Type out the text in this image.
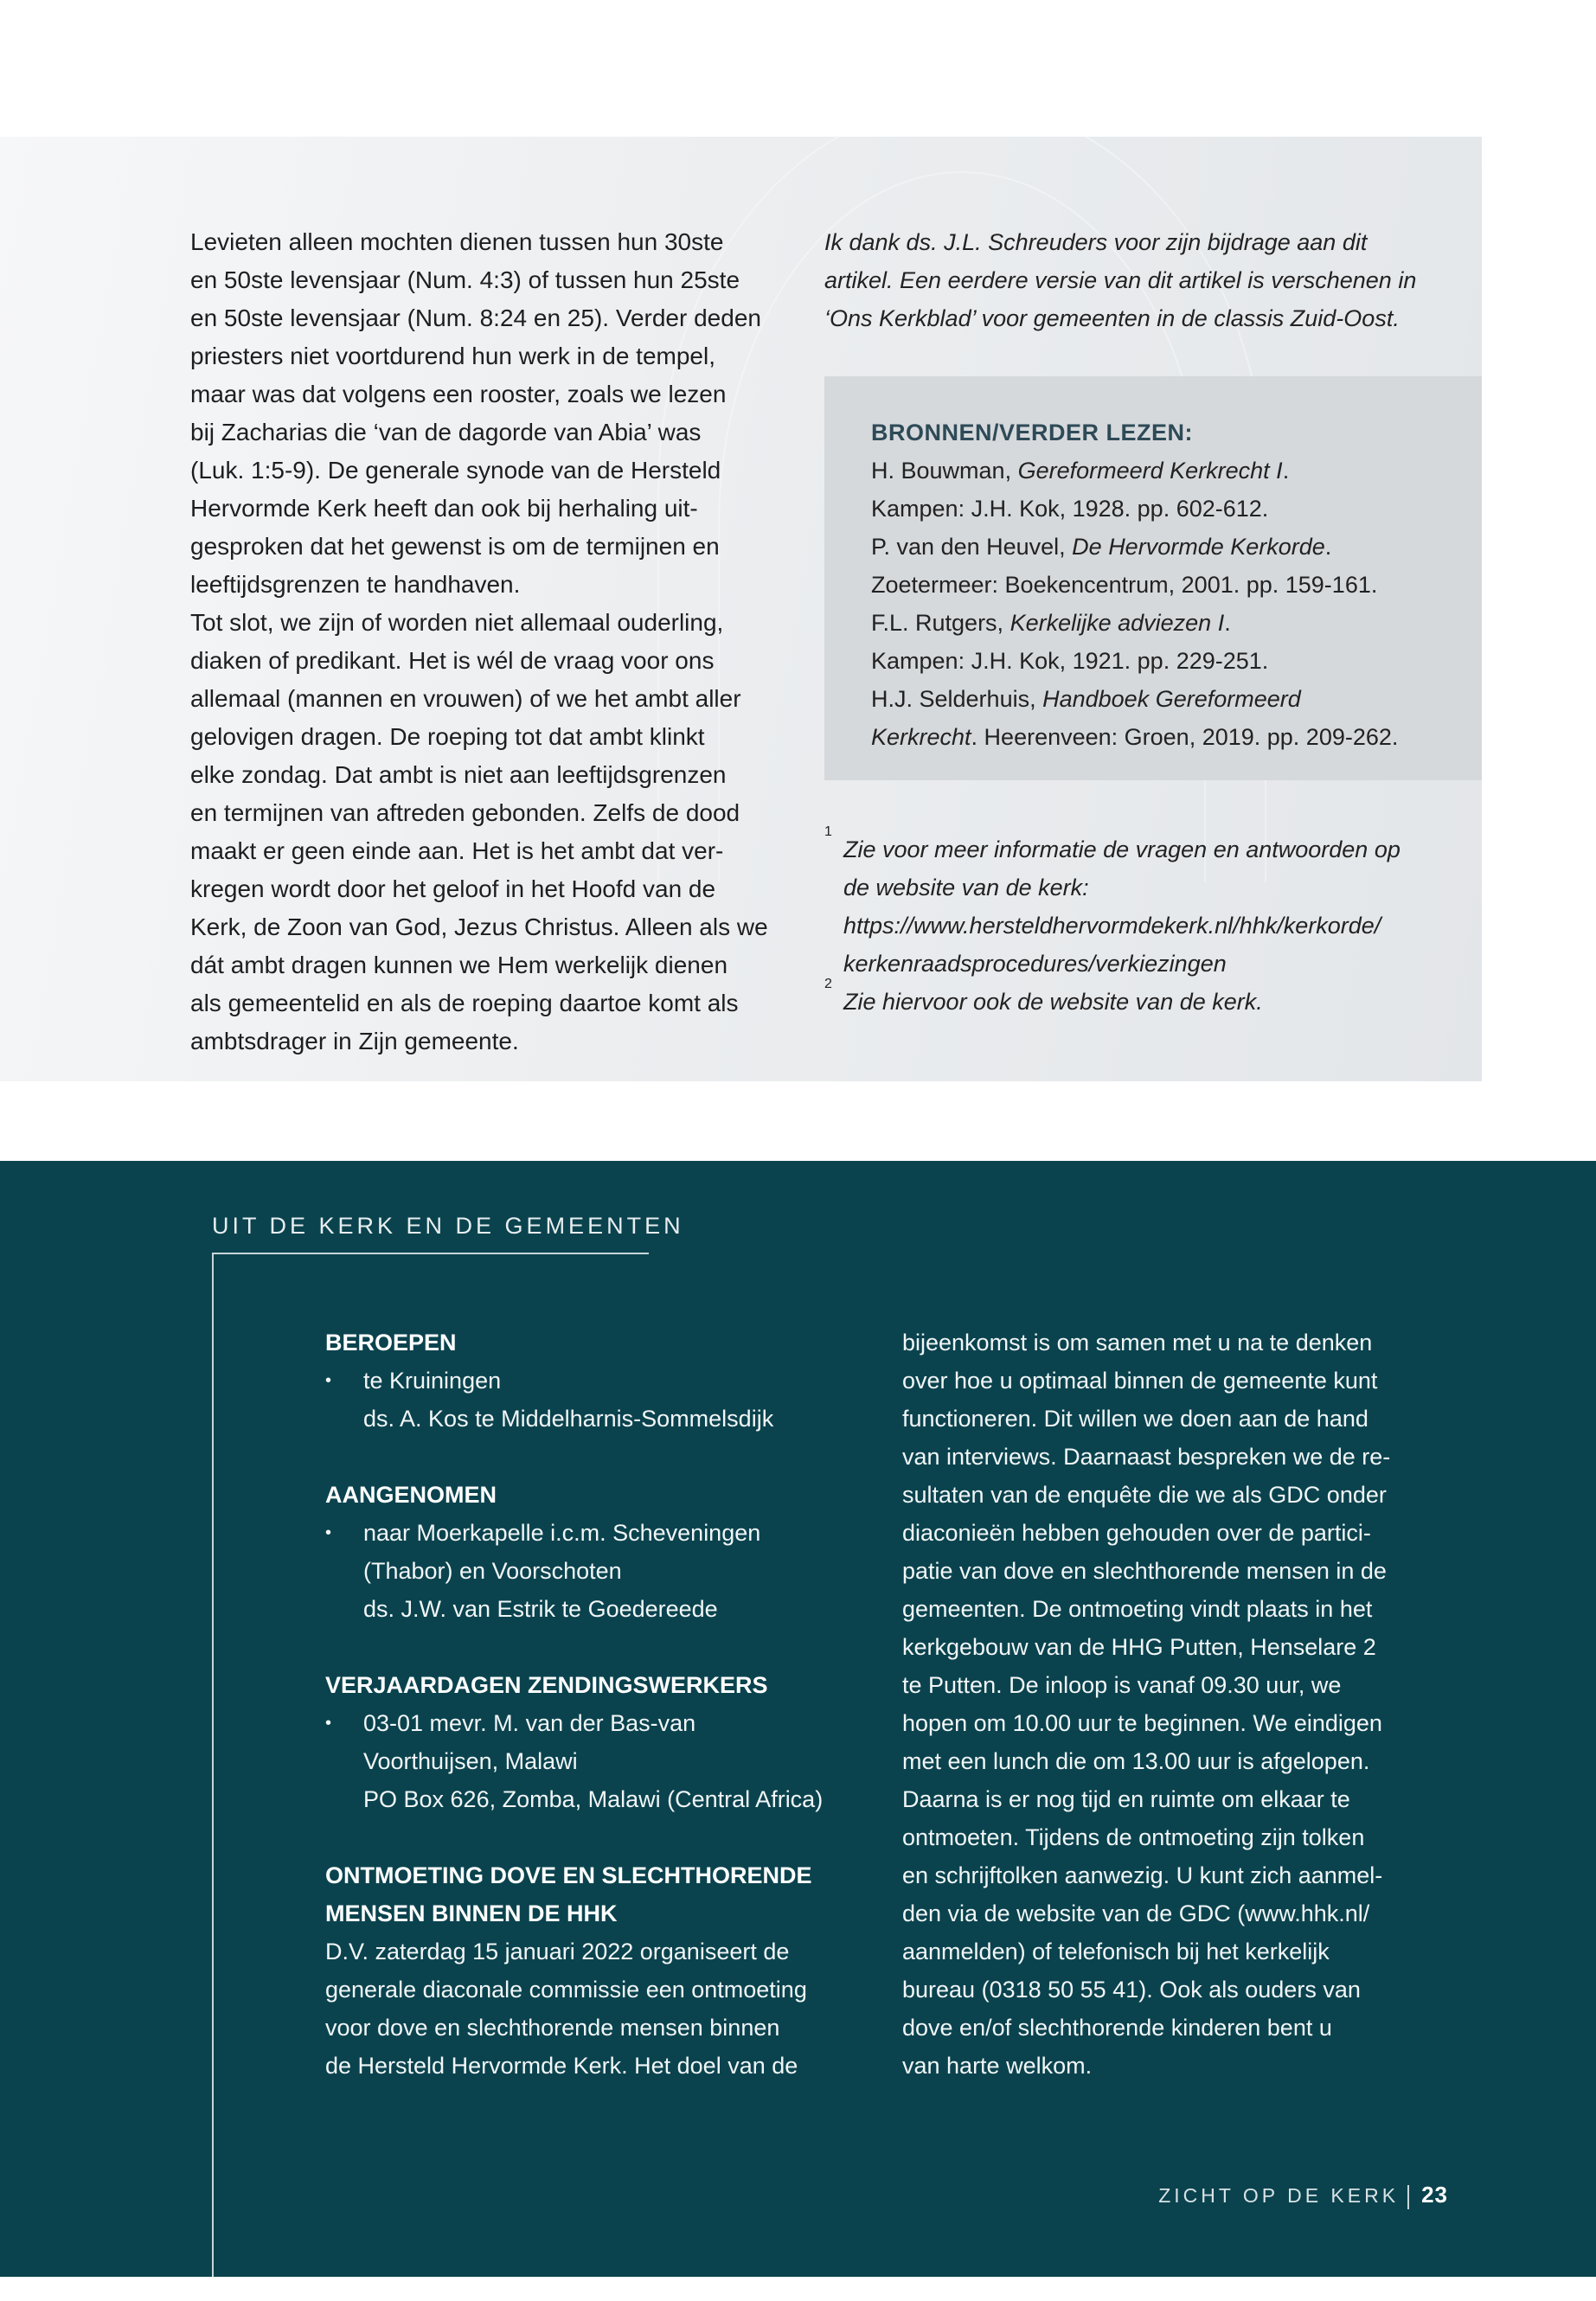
Levieten alleen mochten dienen tussen hun 30ste
en 50ste levensjaar (Num. 4:3) of tussen hun 25ste
en 50ste levensjaar (Num. 8:24 en 25). Verder deden
priesters niet voortdurend hun werk in de tempel,
maar was dat volgens een rooster, zoals we lezen
bij Zacharias die ‘van de dagorde van Abia’ was
(Luk. 1:5-9). De generale synode van de Hersteld
Hervormde Kerk heeft dan ook bij herhaling uit-
gesproken dat het gewenst is om de termijnen en
leeftijdsgrenzen te handhaven.
Tot slot, we zijn of worden niet allemaal ouderling,
diaken of predikant. Het is wél de vraag voor ons
allemaal (mannen en vrouwen) of we het ambt aller
gelovigen dragen. De roeping tot dat ambt klinkt
elke zondag. Dat ambt is niet aan leeftijdsgrenzen
en termijnen van aftreden gebonden. Zelfs de dood
maakt er geen einde aan. Het is het ambt dat ver-
kregen wordt door het geloof in het Hoofd van de
Kerk, de Zoon van God, Jezus Christus. Alleen als we
dát ambt dragen kunnen we Hem werkelijk dienen
als gemeentelid en als de roeping daartoe komt als
ambtsdrager in Zijn gemeente.

Ik dank ds. J.L. Schreuders voor zijn bijdrage aan dit
artikel. Een eerdere versie van dit artikel is verschenen in
‘Ons Kerkblad’ voor gemeenten in de classis Zuid-Oost.
BRONNEN/VERDER LEZEN:
H. Bouwman, Gereformeerd Kerkrecht I.
Kampen: J.H. Kok, 1928. pp. 602-612.
P. van den Heuvel, De Hervormde Kerkorde.
Zoetermeer: Boekencentrum, 2001. pp. 159-161.
F.L. Rutgers, Kerkelijke adviezen I.
Kampen: J.H. Kok, 1921. pp. 229-251.
H.J. Selderhuis, Handboek Gereformeerd
Kerkrecht. Heerenveen: Groen, 2019. pp. 209-262.
1
Zie voor meer informatie de vragen en antwoorden op
de website van de kerk:
https://www.hersteldhervormdekerk.nl/hhk/kerkorde/
kerkenraadsprocedures/verkiezingen
2
Zie hiervoor ook de website van de kerk.
UIT DE KERK EN DE GEMEENTEN
BEROEPEN
• te Kruiningen
ds. A. Kos te Middelharnis-Sommelsdijk
AANGENOMEN
• naar Moerkapelle i.c.m. Scheveningen
(Thabor) en Voorschoten
ds. J.W. van Estrik te Goedereede
VERJAARDAGEN ZENDINGSWERKERS
• 03-01 mevr. M. van der Bas-van
Voorthuijsen, Malawi
PO Box 626, Zomba, Malawi (Central Africa)
ONTMOETING DOVE EN SLECHTHORENDE
MENSEN BINNEN DE HHK
D.V. zaterdag 15 januari 2022 organiseert de
generale diaconale commissie een ontmoeting
voor dove en slechthorende mensen binnen
de Hersteld Hervormde Kerk. Het doel van de
bijeenkomst is om samen met u na te denken
over hoe u optimaal binnen de gemeente kunt
functioneren. Dit willen we doen aan de hand
van interviews. Daarnaast bespreken we de re-
sultaten van de enquête die we als GDC onder
diaconieën hebben gehouden over de partici-
patie van dove en slechthorende mensen in de
gemeenten. De ontmoeting vindt plaats in het
kerkgebouw van de HHG Putten, Henselare 2
te Putten. De inloop is vanaf 09.30 uur, we
hopen om 10.00 uur te beginnen. We eindigen
met een lunch die om 13.00 uur is afgelopen.
Daarna is er nog tijd en ruimte om elkaar te
ontmoeten. Tijdens de ontmoeting zijn tolken
en schrijftolken aanwezig. U kunt zich aanmel-
den via de website van de GDC (www.hhk.nl/
aanmelden) of telefonisch bij het kerkelijk
bureau (0318 50 55 41). Ook als ouders van
dove en/of slechthorende kinderen bent u
van harte welkom.
ZICHT OP DE KERK 23
